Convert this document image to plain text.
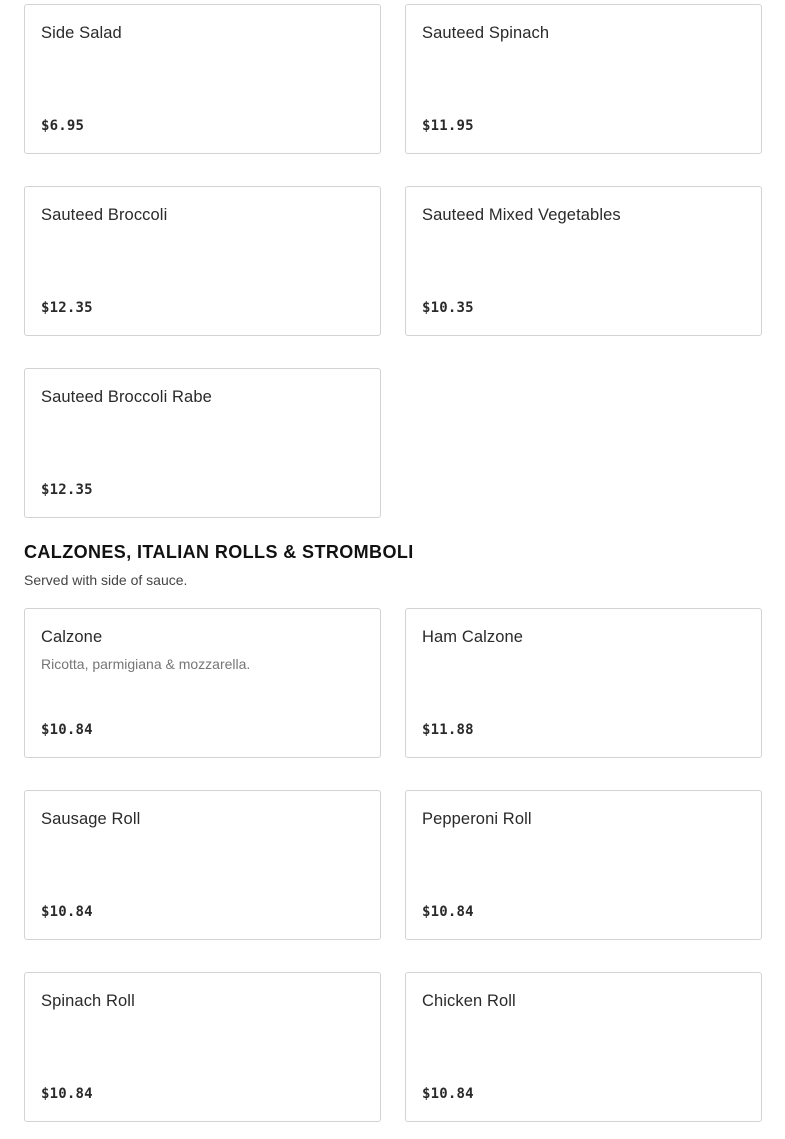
Side Salad
$6.95
Sauteed Spinach
$11.95
Sauteed Broccoli
$12.35
Sauteed Mixed Vegetables
$10.35
Sauteed Broccoli Rabe
$12.35
CALZONES, ITALIAN ROLLS & STROMBOLI

Served with side of sauce.

Calzone
Ricotta, parmigiana & mozzarella.
$10.84
Ham Calzone
$11.88
Sausage Roll
$10.84
Pepperoni Roll
$10.84
Spinach Roll
$10.84
Chicken Roll
$10.84
